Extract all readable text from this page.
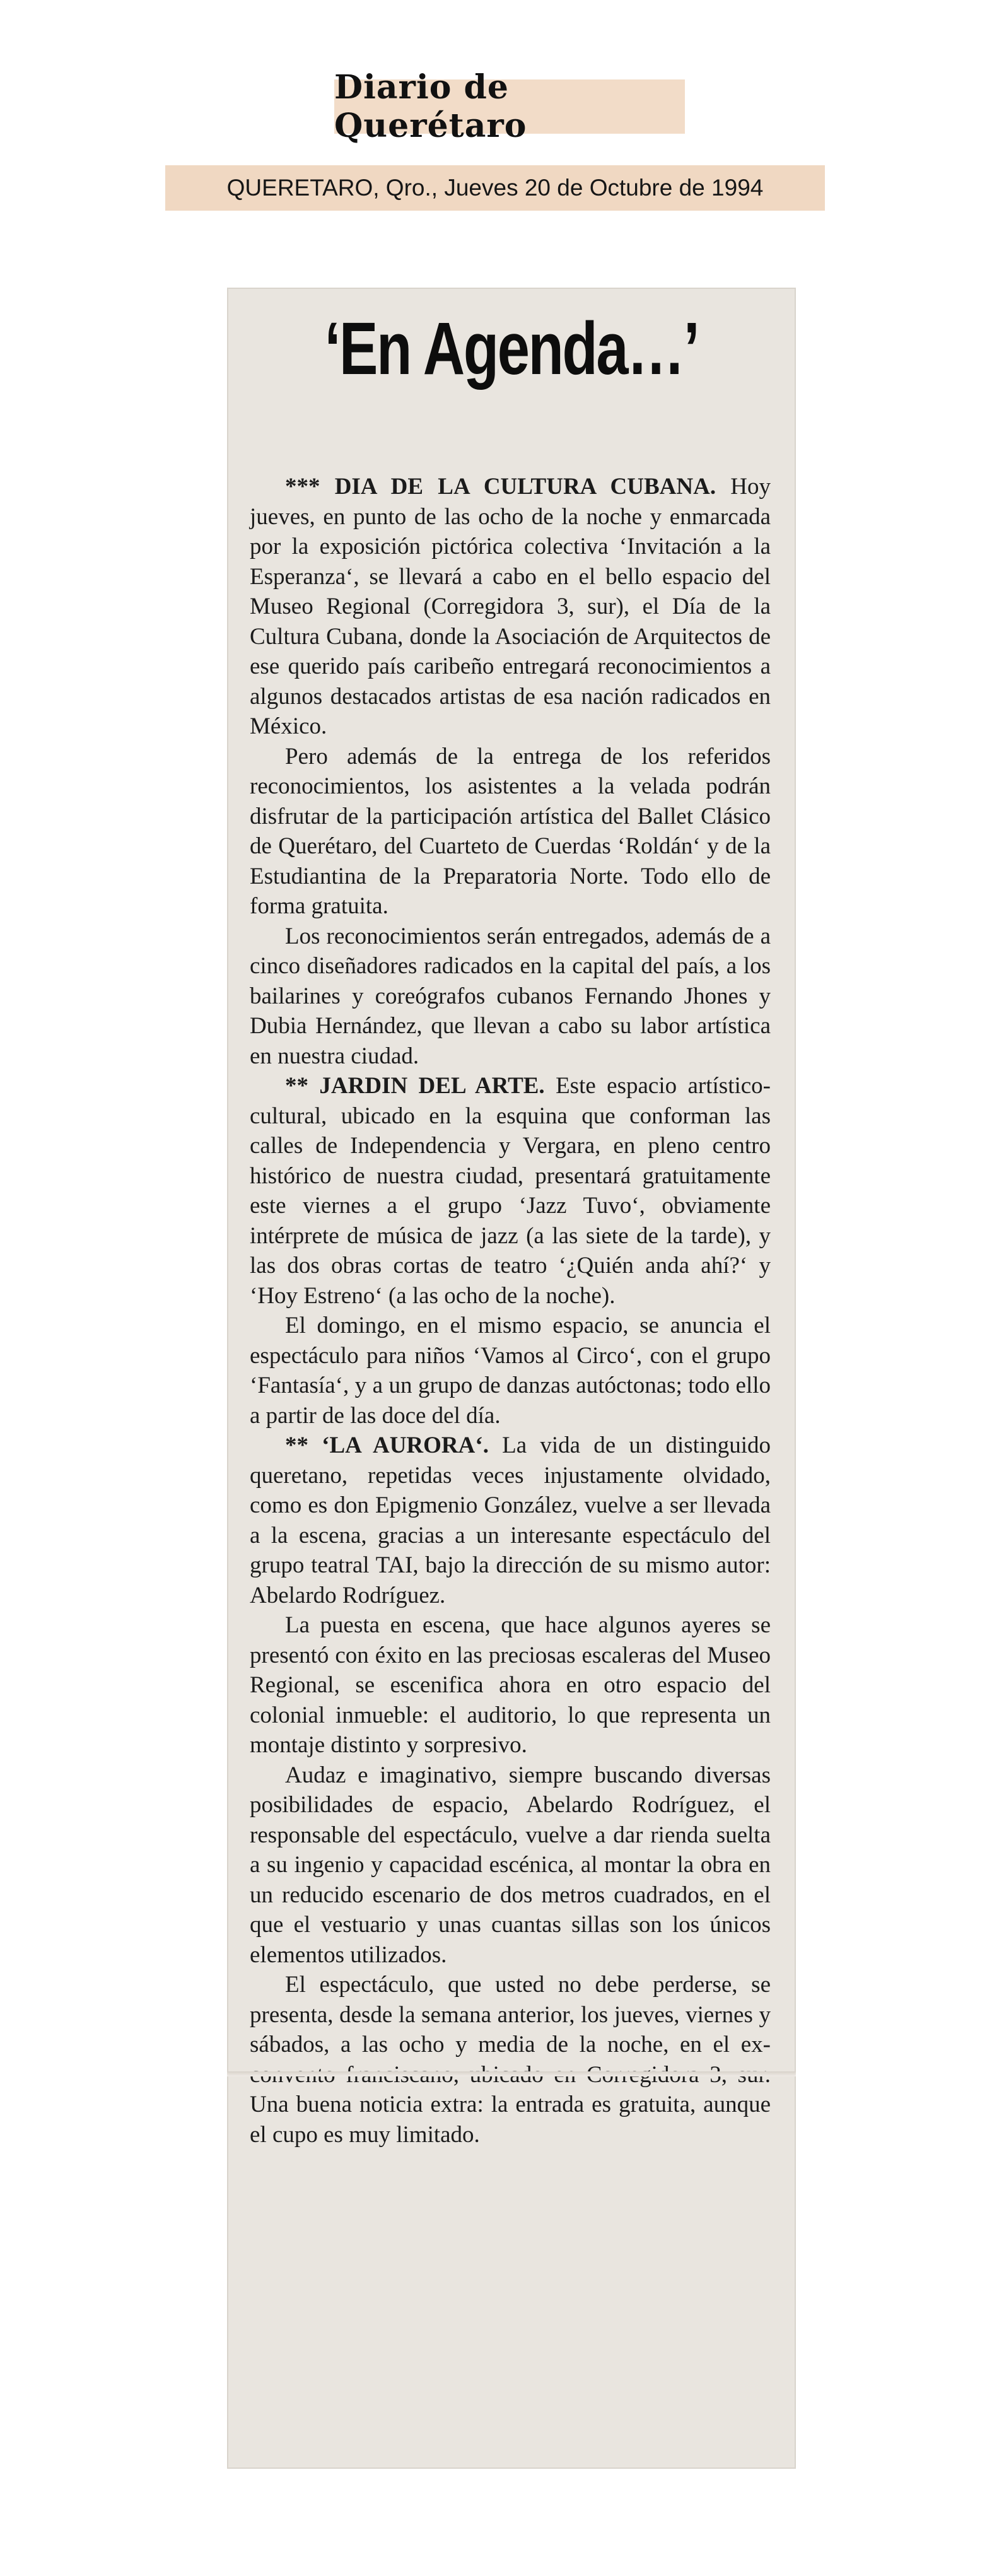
Diario de Querétaro
QUERETARO, Qro., Jueves 20 de Octubre de 1994
‘En Agenda…’

*** DIA DE LA CULTURA CUBANA. Hoy jueves, en punto de las ocho de la noche y enmarcada por la exposición pictórica colectiva ‘Invitación a la Esperanza‘, se llevará a cabo en el bello espacio del Museo Regional (Corregidora 3, sur), el Día de la Cultura Cubana, donde la Asociación de Arquitectos de ese querido país caribeño entregará reconocimientos a algunos destacados artistas de esa nación radicados en México.

Pero además de la entrega de los referidos reconocimientos, los asistentes a la velada podrán disfrutar de la participación artística del Ballet Clásico de Querétaro, del Cuarteto de Cuerdas ‘Roldán‘ y de la Estudiantina de la Preparatoria Norte. Todo ello de forma gratuita.

Los reconocimientos serán entregados, además de a cinco diseñadores radicados en la capital del país, a los bailarines y coreógrafos cubanos Fernando Jhones y Dubia Hernández, que llevan a cabo su labor artística en nuestra ciudad.

** JARDIN DEL ARTE. Este espacio artístico-cultural, ubicado en la esquina que conforman las calles de Independencia y Vergara, en pleno centro histórico de nuestra ciudad, presentará gratuitamente este viernes a el grupo ‘Jazz Tuvo‘, obviamente intérprete de música de jazz (a las siete de la tarde), y las dos obras cortas de teatro ‘¿Quién anda ahí?‘ y ‘Hoy Estreno‘ (a las ocho de la noche).

El domingo, en el mismo espacio, se anuncia el espectáculo para niños ‘Vamos al Circo‘, con el grupo ‘Fantasía‘, y a un grupo de danzas autóctonas; todo ello a partir de las doce del día.

** ‘LA AURORA‘. La vida de un distinguido queretano, repetidas veces injustamente olvidado, como es don Epigmenio González, vuelve a ser llevada a la escena, gracias a un interesante espectáculo del grupo teatral TAI, bajo la dirección de su mismo autor: Abelardo Rodríguez.

La puesta en escena, que hace algunos ayeres se presentó con éxito en las preciosas escaleras del Museo Regional, se escenifica ahora en otro espacio del colonial inmueble: el auditorio, lo que representa un montaje distinto y sorpresivo.

Audaz e imaginativo, siempre buscando diversas posibilidades de espacio, Abelardo Rodríguez, el responsable del espectáculo, vuelve a dar rienda suelta a su ingenio y capacidad escénica, al montar la obra en un reducido escenario de dos metros cuadrados, en el que el vestuario y unas cuantas sillas son los únicos elementos utilizados.

El espectáculo, que usted no debe perderse, se presenta, desde la semana anterior, los jueves, viernes y sábados, a las ocho y media de la noche, en el ex- Una buena noticia extra: la entrada es gratuita, aunque el cupo es muy limitado.
